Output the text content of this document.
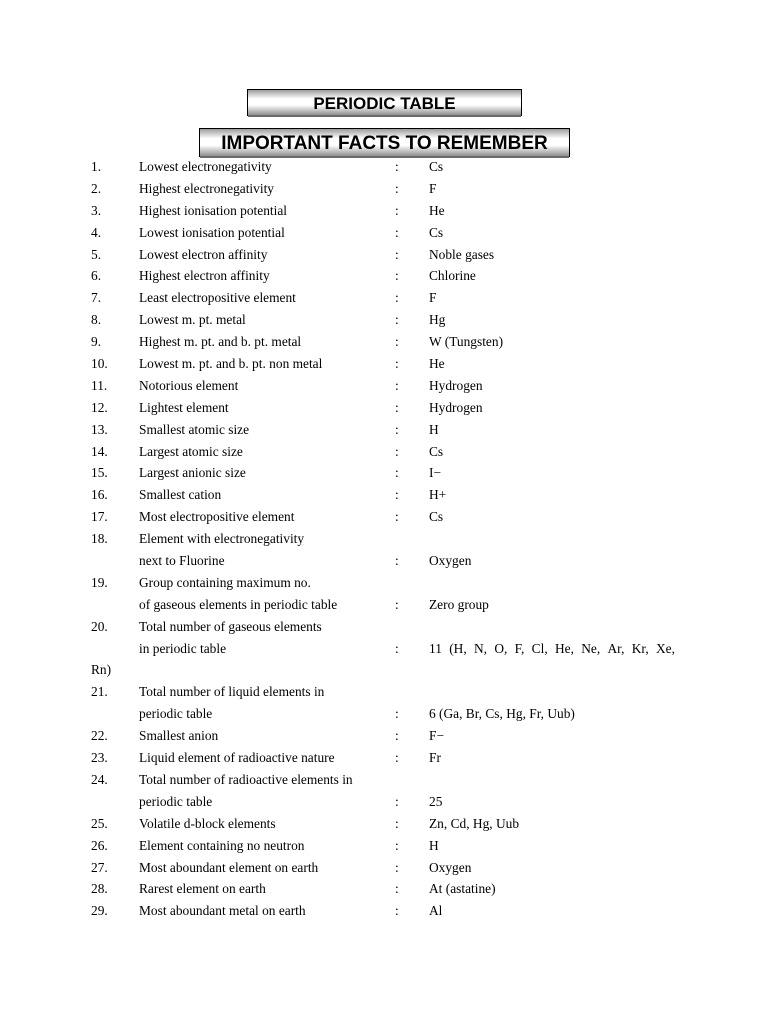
PERIODIC TABLE
IMPORTANT FACTS TO REMEMBER
1.	Lowest electronegativity	: Cs
2.	Highest electronegativity	: F
3.	Highest ionisation potential	: He
4.	Lowest ionisation potential	: Cs
5.	Lowest electron affinity	: Noble gases
6.	Highest electron affinity	: Chlorine
7.	Least electropositive element	: F
8.	Lowest m. pt. metal	: Hg
9.	Highest m. pt. and b. pt. metal	: W (Tungsten)
10. Lowest m. pt. and b. pt. non metal	: He
11. Notorious element	: Hydrogen
12. Lightest element	: Hydrogen
13. Smallest atomic size	: H
14. Largest atomic size	: Cs
15. Largest anionic size	: I−
16. Smallest cation	: H+
17. Most electropositive element	: Cs
18. Element with electronegativity
next to Fluorine	: Oxygen
19. Group containing maximum no.
of gaseous elements in periodic table	: Zero group
20. Total number of gaseous elements
in periodic table	: 11 (H, N, O, F, Cl, He, Ne, Ar, Kr, Xe,
Rn)
21. Total number of liquid elements in
periodic table	: 6 (Ga, Br, Cs, Hg, Fr, Uub)
22. Smallest anion	: F−
23. Liquid element of radioactive nature	: Fr
24. Total number of radioactive elements in
periodic table	: 25
25. Volatile d-block elements	: Zn, Cd, Hg, Uub
26. Element containing no neutron	: H
27. Most aboundant element on earth	: Oxygen
28. Rarest element on earth	: At (astatine)
29. Most aboundant metal on earth	: Al
